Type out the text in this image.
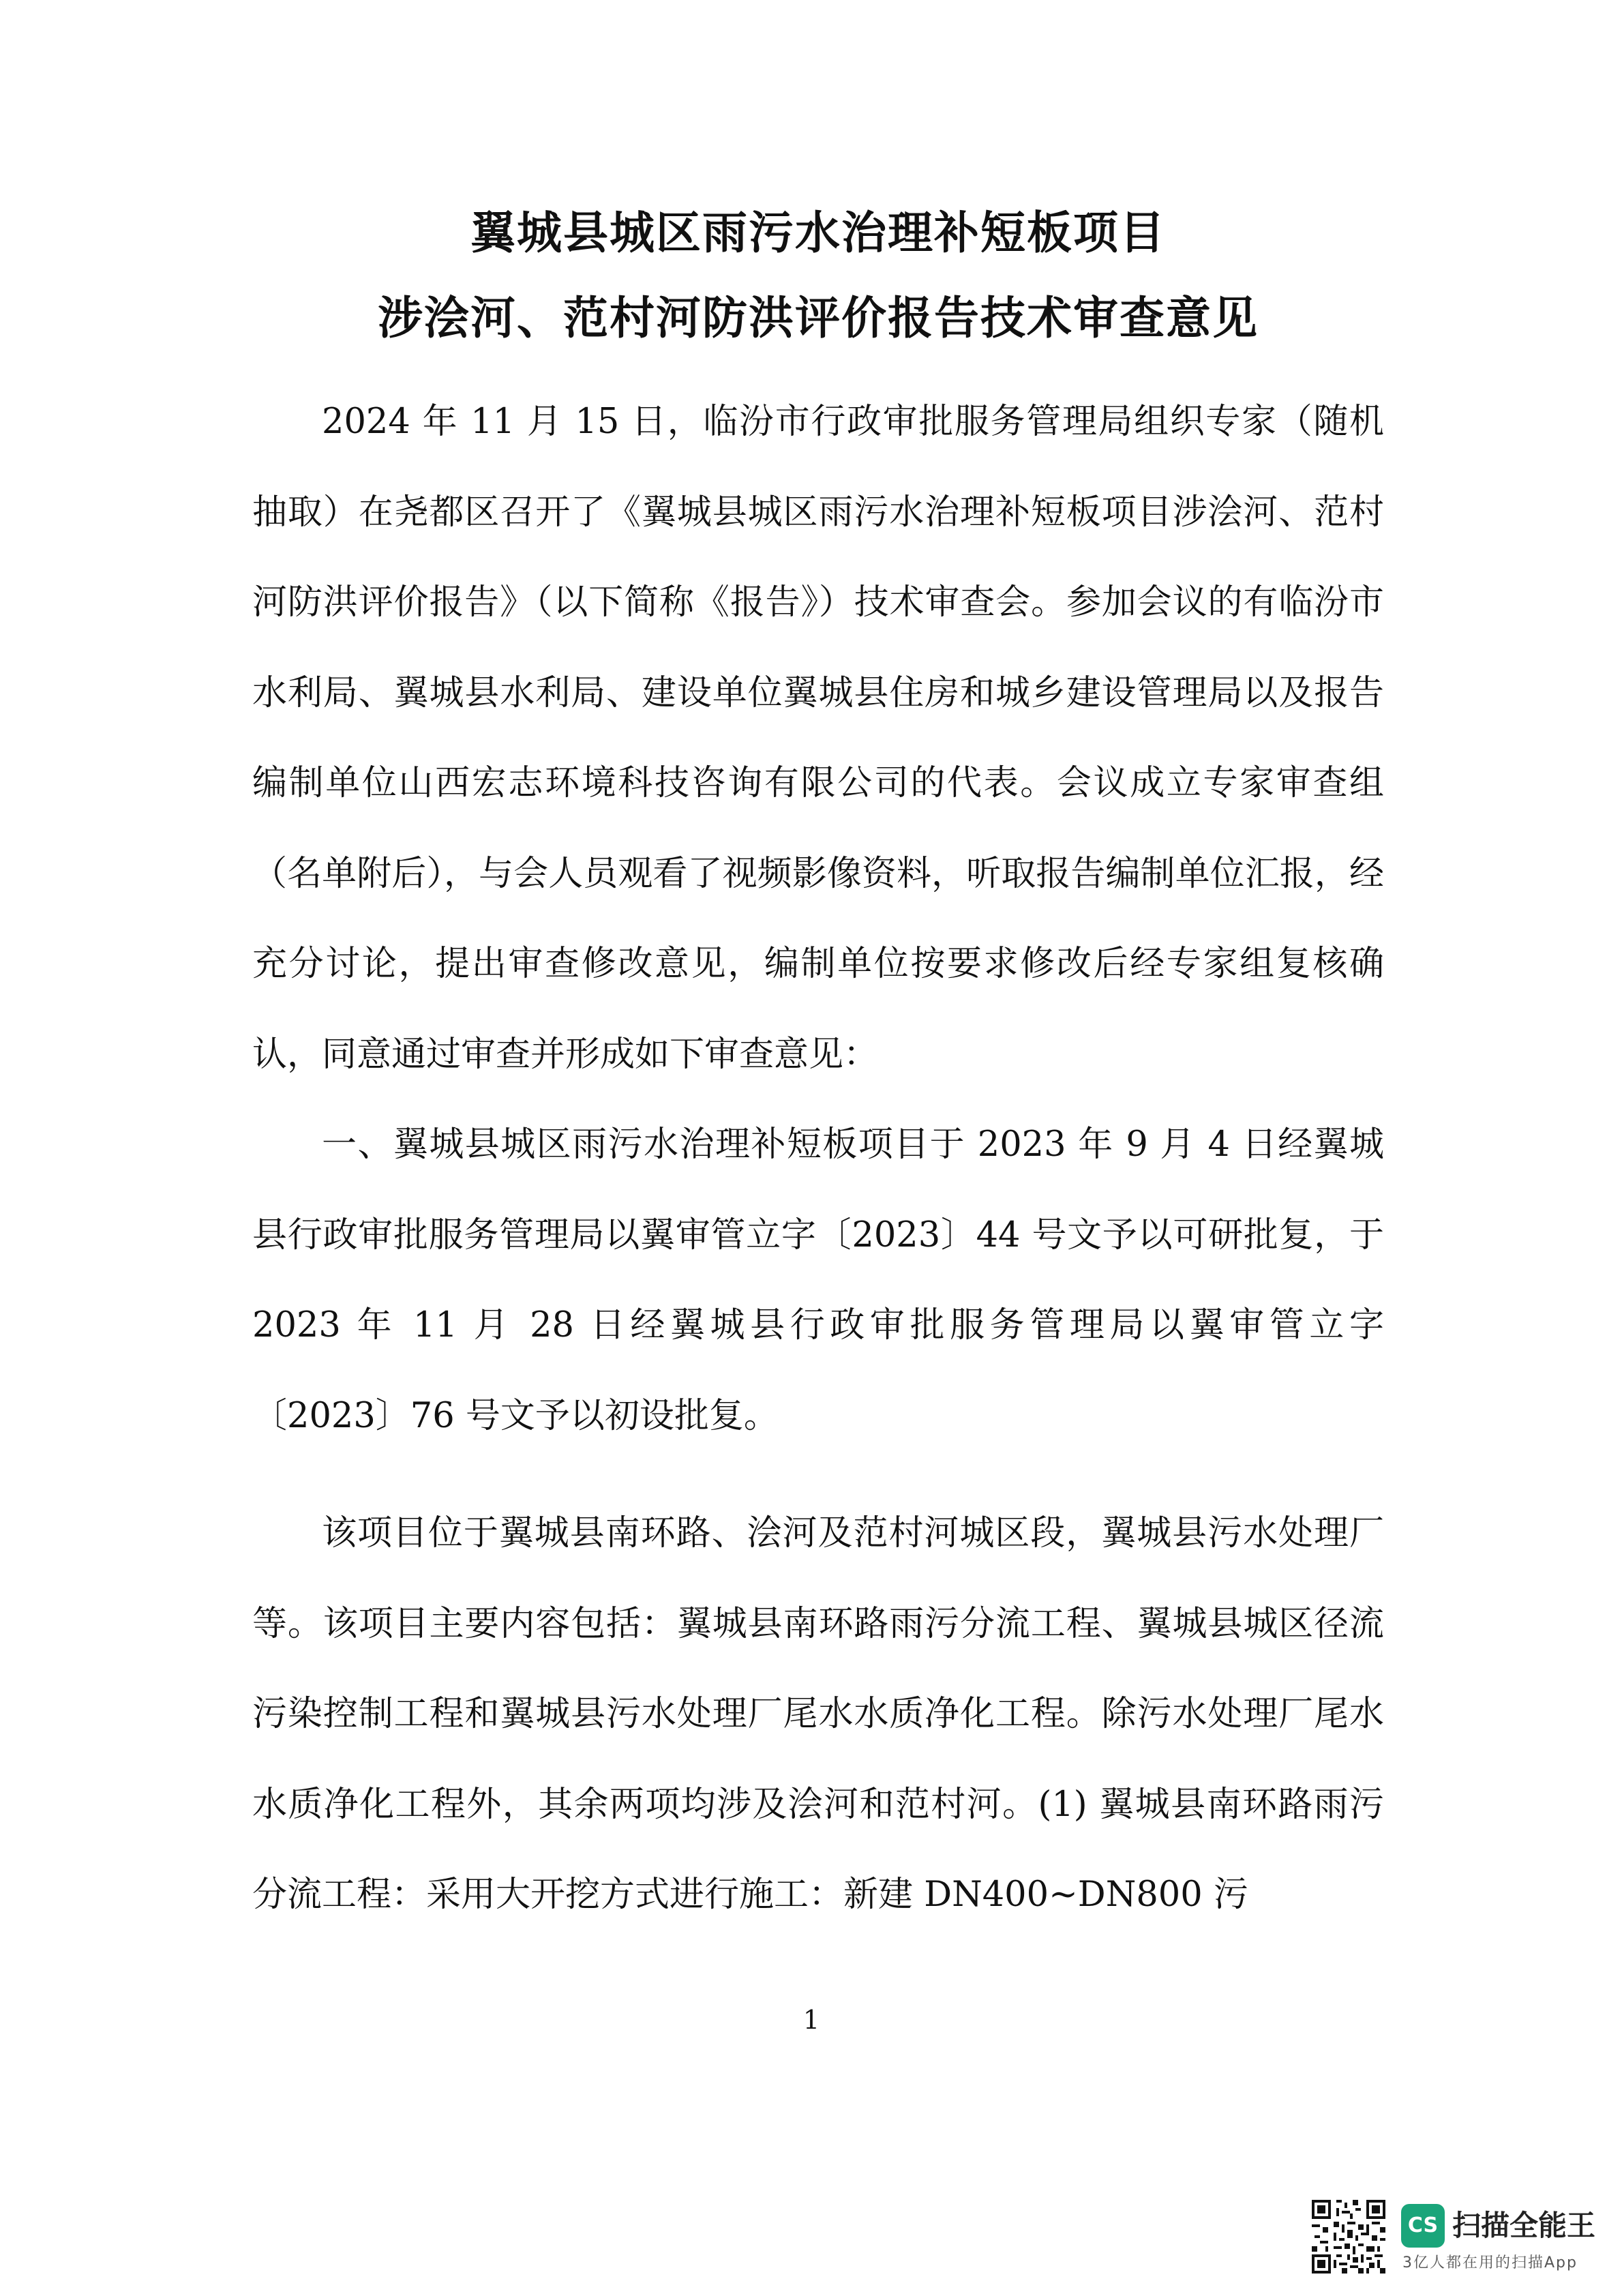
翼城县城区雨污水治理补短板项目
涉浍河、范村河防洪评价报告技术审查意见

2024 年 11 月 15 日，临汾市行政审批服务管理局组织专家（随机抽取）在尧都区召开了《翼城县城区雨污水治理补短板项目涉浍河、范村河防洪评价报告》（以下简称《报告》）技术审查会。参加会议的有临汾市水利局、翼城县水利局、建设单位翼城县住房和城乡建设管理局以及报告编制单位山西宏志环境科技咨询有限公司的代表。会议成立专家审查组（名单附后），与会人员观看了视频影像资料，听取报告编制单位汇报，经充分讨论，提出审查修改意见，编制单位按要求修改后经专家组复核确认，同意通过审查并形成如下审查意见：

一、翼城县城区雨污水治理补短板项目于 2023 年 9 月 4 日经翼城县行政审批服务管理局以翼审管立字〔2023〕44 号文予以可研批复，于 2023 年 11 月 28 日经翼城县行政审批服务管理局以翼审管立字〔2023〕76 号文予以初设批复。

该项目位于翼城县南环路、浍河及范村河城区段，翼城县污水处理厂等。该项目主要内容包括：翼城县南环路雨污分流工程、翼城县城区径流污染控制工程和翼城县污水处理厂尾水水质净化工程。除污水处理厂尾水水质净化工程外，其余两项均涉及浍河和范村河。(1) 翼城县南环路雨污分流工程：采用大开挖方式进行施工：新建 DN400~DN800 污

1
CS 扫描全能王
3亿人都在用的扫描App
